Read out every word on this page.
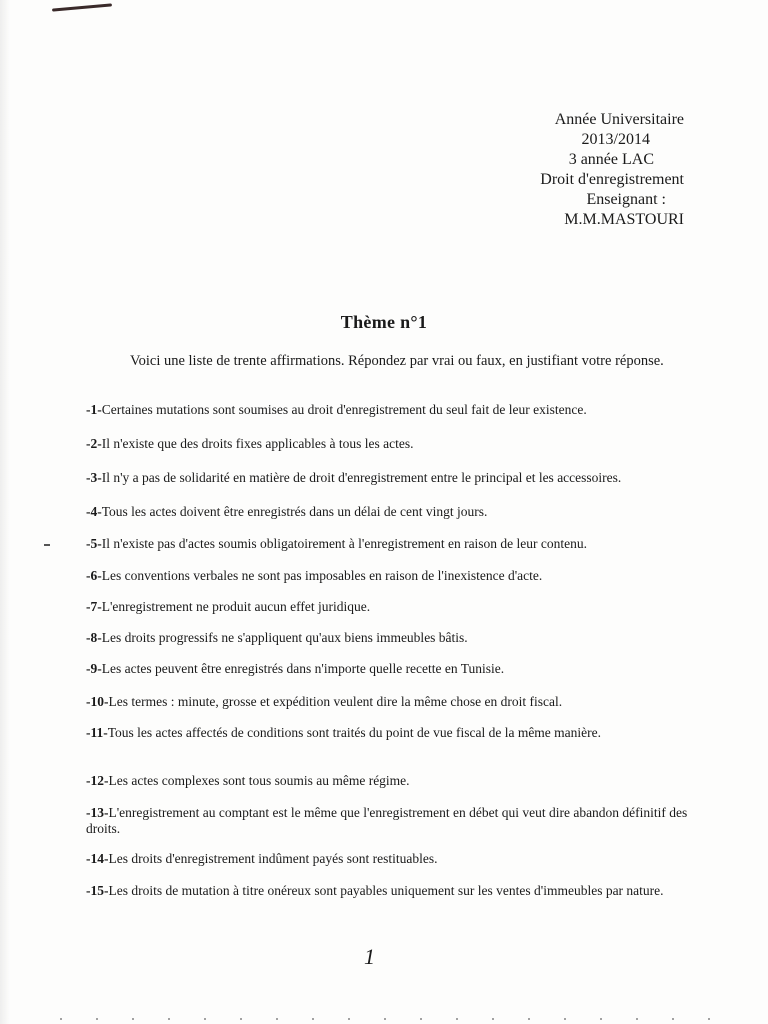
Année Universitaire
2013/2014
3 année LAC
Droit d'enregistrement
Enseignant :
M.M.MASTOURI
Thème n°1
Voici une liste de trente affirmations. Répondez par vrai ou faux, en justifiant votre réponse.
-1- Certaines mutations sont soumises au droit d'enregistrement du seul fait de leur existence.
-2- Il n'existe que des droits fixes applicables à tous les actes.
-3- Il n'y a pas de solidarité en matière de droit d'enregistrement entre le principal et les accessoires.
-4- Tous les actes doivent être enregistrés dans un délai de cent vingt jours.
-5- Il n'existe pas d'actes soumis obligatoirement à l'enregistrement en raison de leur contenu.
-6- Les conventions verbales ne sont pas imposables en raison de l'inexistence d'acte.
-7- L'enregistrement ne produit aucun effet juridique.
-8- Les droits progressifs ne s'appliquent qu'aux biens immeubles bâtis.
-9- Les actes peuvent être enregistrés dans n'importe quelle recette en Tunisie.
-10- Les termes : minute, grosse et expédition veulent dire la même chose en droit fiscal.
-11-Tous les actes affectés de conditions sont traités du point de vue fiscal de la même manière.
-12- Les actes complexes sont tous soumis au même régime.
-13-L'enregistrement au comptant est le même que l'enregistrement en débet qui veut dire abandon définitif des droits.
-14- Les droits d'enregistrement indûment payés sont restituables.
-15-Les droits de mutation à titre onéreux sont payables uniquement sur les ventes d'immeubles par nature.
1
